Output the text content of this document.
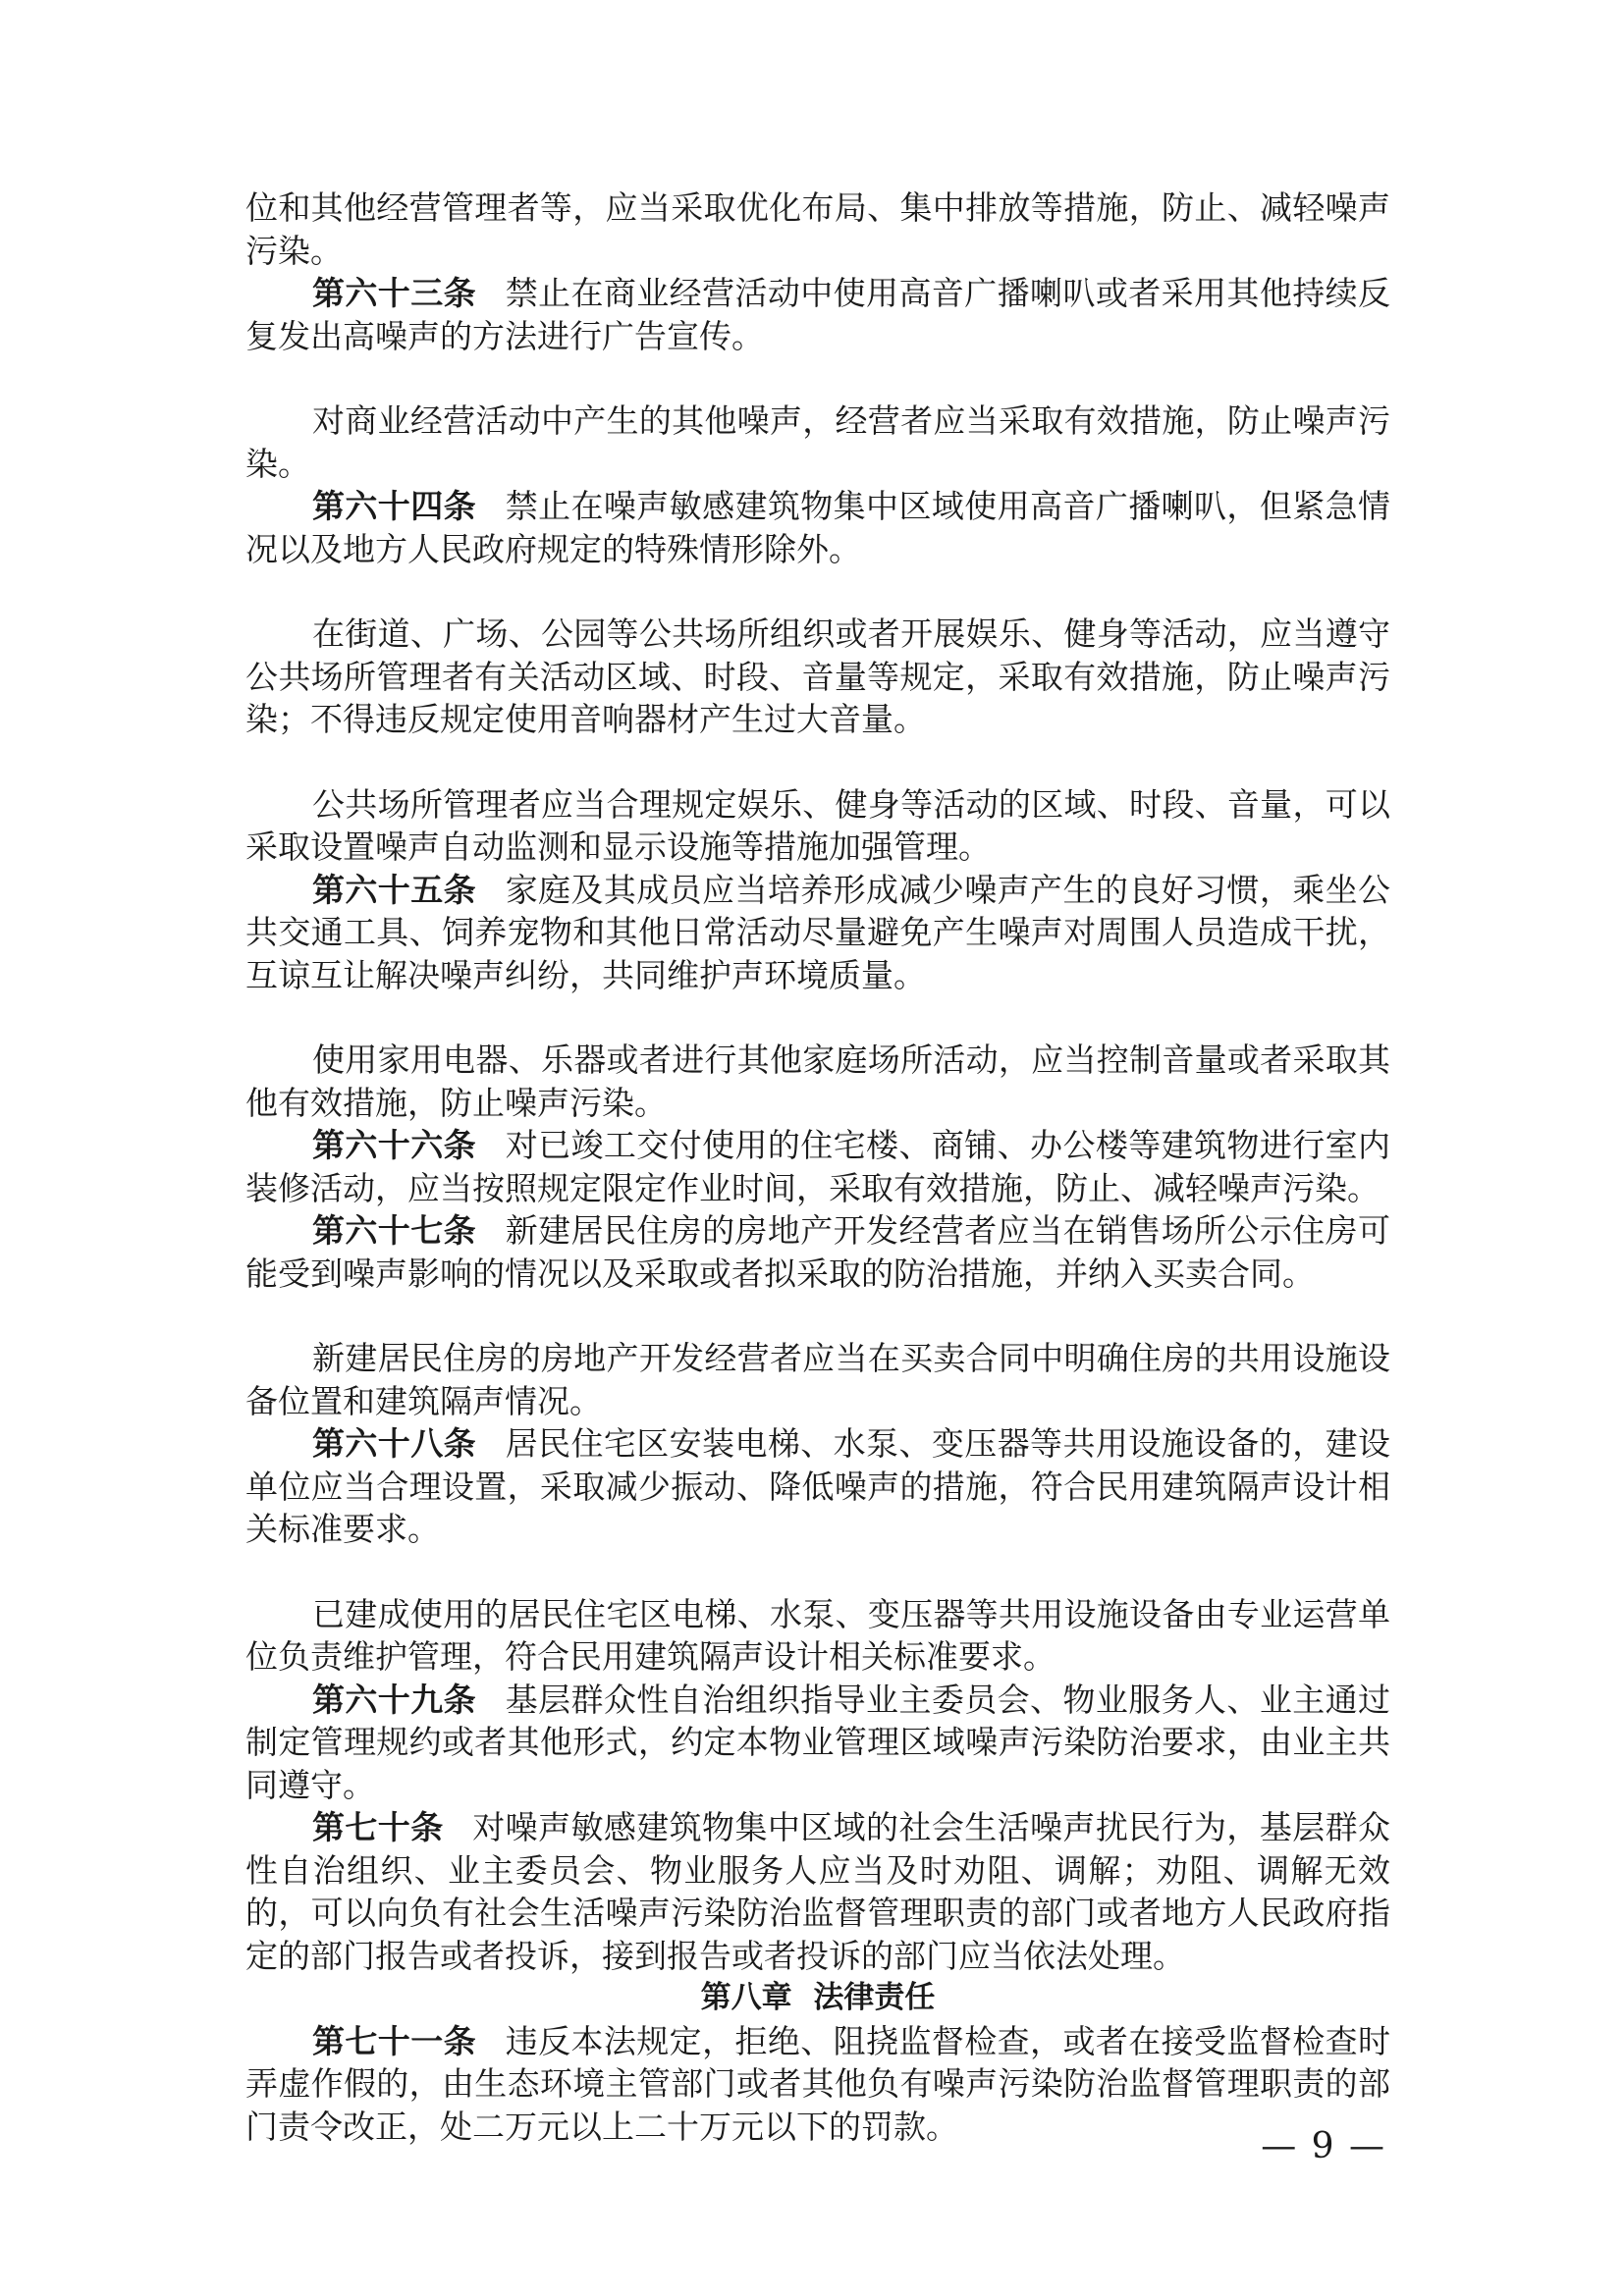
位和其他经营管理者等，应当采取优化布局、集中排放等措施，防止、减轻噪声污染。

第六十三条 禁止在商业经营活动中使用高音广播喇叭或者采用其他持续反复发出高噪声的方法进行广告宣传。

对商业经营活动中产生的其他噪声，经营者应当采取有效措施，防止噪声污染。

第六十四条 禁止在噪声敏感建筑物集中区域使用高音广播喇叭，但紧急情况以及地方人民政府规定的特殊情形除外。

在街道、广场、公园等公共场所组织或者开展娱乐、健身等活动，应当遵守公共场所管理者有关活动区域、时段、音量等规定，采取有效措施，防止噪声污染；不得违反规定使用音响器材产生过大音量。

公共场所管理者应当合理规定娱乐、健身等活动的区域、时段、音量，可以采取设置噪声自动监测和显示设施等措施加强管理。

第六十五条 家庭及其成员应当培养形成减少噪声产生的良好习惯，乘坐公共交通工具、饲养宠物和其他日常活动尽量避免产生噪声对周围人员造成干扰，互谅互让解决噪声纠纷，共同维护声环境质量。

使用家用电器、乐器或者进行其他家庭场所活动，应当控制音量或者采取其他有效措施，防止噪声污染。

第六十六条 对已竣工交付使用的住宅楼、商铺、办公楼等建筑物进行室内装修活动，应当按照规定限定作业时间，采取有效措施，防止、减轻噪声污染。

第六十七条 新建居民住房的房地产开发经营者应当在销售场所公示住房可能受到噪声影响的情况以及采取或者拟采取的防治措施，并纳入买卖合同。

新建居民住房的房地产开发经营者应当在买卖合同中明确住房的共用设施设备位置和建筑隔声情况。

第六十八条 居民住宅区安装电梯、水泵、变压器等共用设施设备的，建设单位应当合理设置，采取减少振动、降低噪声的措施，符合民用建筑隔声设计相关标准要求。

已建成使用的居民住宅区电梯、水泵、变压器等共用设施设备由专业运营单位负责维护管理，符合民用建筑隔声设计相关标准要求。

第六十九条 基层群众性自治组织指导业主委员会、物业服务人、业主通过制定管理规约或者其他形式，约定本物业管理区域噪声污染防治要求，由业主共同遵守。

第七十条 对噪声敏感建筑物集中区域的社会生活噪声扰民行为，基层群众性自治组织、业主委员会、物业服务人应当及时劝阻、调解；劝阻、调解无效的，可以向负有社会生活噪声污染防治监督管理职责的部门或者地方人民政府指定的部门报告或者投诉，接到报告或者投诉的部门应当依法处理。

第八章 法律责任

第七十一条 违反本法规定，拒绝、阻挠监督检查，或者在接受监督检查时弄虚作假的，由生态环境主管部门或者其他负有噪声污染防治监督管理职责的部门责令改正，处二万元以上二十万元以下的罚款。	— 9 —
